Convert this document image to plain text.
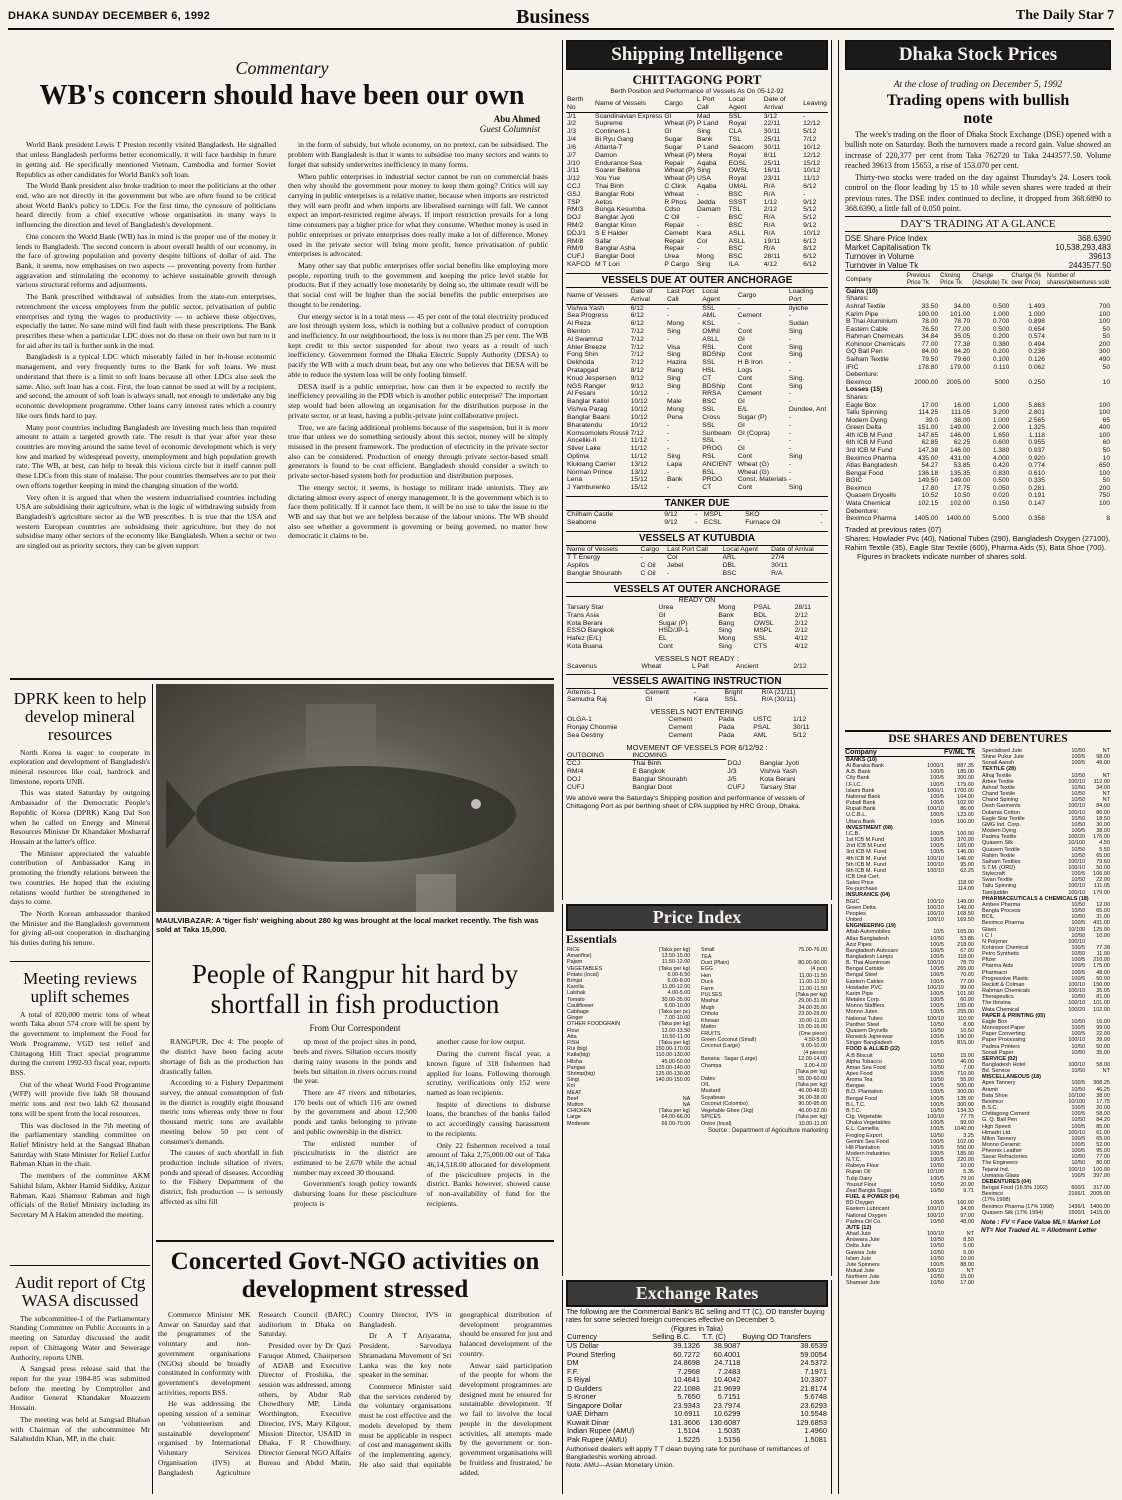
DHAKA SUNDAY DECEMBER 6, 1992	Business	The Daily Star 7
Commentary
WB's concern should have been our own
Abu Ahmed
Guest Columnist

World Bank president Lewis T Preston recently visited Bangladesh. He signalled that unless Bangladesh performs better economically, it will face hardship in future in getting aid. He specifically mentioned Vietnam, Cambodia and former Soviet Republics as other candidates for World Bank's soft loan.

The World Bank president also broke tradition to meet the politicians at the other end, who are not directly in the government but who are often found to be critical about World Bank's policy to LDCs. For the first time, the cynosure of politicians heard directly from a chief executive whose organisation in many ways is influencing the direction and level of Bangladesh's development.

One concern the World Bank (WB) has in mind is the proper use of the money it lends to Bangladesh. The second concern is about overall health of our economy, in the face of growing population and poverty despite billions of dollar of aid. The Bank, it seems, now emphasises on two aspects — preventing poverty from further aggravation and stimulating the economy to achieve sustainable growth through various structural reforms and adjustments.

The Bank prescribed withdrawal of subsidies from the state-run enterprises, retrenchment the excess employees from the public sector, privatisation of public enterprises and tying the wages to productivity — to achieve these objectives, especially the latter. No sane mind will find fault with these prescriptions. The Bank prescribes these when a particular LDC does not do these on their own but turn to it for aid after its tail is further sunk in the mud.

Bangladesh is a typical LDC which miserably failed in her in-house economic management, and very frequently turns to the Bank for soft loans. We must understand that there is a limit to soft loans because all other LDCs also seek the same. Also, soft loan has a cost. First, the loan cannot be used at will by a recipient, and second, the amount of soft loan is always small, not enough to undertake any big economic development programme. Other loans carry interest rates which a country like ours finds hard to pay.

Many poor countries including Bangladesh are investing much less than required amount to attain a targeted growth rate. The result is that year after year these countries are moving around the same level of economic development which is very low and marked by widespread poverty, unemployment and high population growth rate. The WB, at best, can help to break this vicious circle but it itself cannot pull these LDCs from this state of malaise. The poor countries themselves are to put their own efforts together keeping in mind the changing situation of the world.

Very often it is argued that when the western industrialised countries including USA are subsidising their agriculture, what is the logic of withdrawing subsidy from Bangladesh's agriculture sector as the WB prescribes. It is true that the USA and western European countries are subsidising their agriculture, but they do not subsidise many other sectors of the economy like Bangladesh. When a sector or two are singled out as priority sectors, they can be given support

in the form of subsidy, but whole economy, on no pretext, can be subsidised. The problem with Bangladesh is that it wants to subsidise too many sectors and wants to forget that subsidy underwrites inefficiency in many forms.

When public enterprises in industrial sector cannot be run on commercial basis then why should the government pour money to keep them going? Critics will say carrying in public enterprises is a relative matter, because when imports are restricted they will earn profit and when imports are liberalised earnings will fall. We cannot expect an import-restricted regime always. If import restriction prevails for a long time consumers pay a higher price for what they consume. Whether money is used in public enterprises or private enterprises does really make a lot of difference. Money used in the private sector will bring more profit, hence privatisation of public enterprises is advocated.

Many other say that public enterprises offer social benefits like employing more people, reporting truth to the government and keeping the price level stable for products. But if they actually lose monetarily by doing so, the ultimate result will be that social cost will be higher than the social benefits the public enterprises are thought to be rendering.

Our energy sector is in a total mess — 45 per cent of the total electricity produced are lost through system loss, which is nothing but a collusive product of corruption and inefficiency. In our neighbourhood, the loss is no more than 25 per cent. The WB kept credit to this sector suspended for about two years as a result of such inefficiency. Government formed the Dhaka Electric Supply Authority (DESA) to pacify the WB with a much drum beat, but any one who believes that DESA will be able to reduce the system loss will be only fooling himself.

DESA itself is a public enterprise, how can then it be expected to rectify the inefficiency prevailing in the PDB which is another public enterprise? The important step would had been allowing an organisation for the distribution purpose in the private sector, or at least, having a public-private joint collaborative project.

True, we are facing additional problems because of the suspension, but it is more true that unless we do something seriously about this sector, money will be simply misused in the present framework. The production of electricity in the private sector also can be considered. Production of energy through private sector-based small generators is found to be cost efficient. Bangladesh should consider a switch to private sector-based system both for production and distribution purposes.

The energy sector, it seems, is hostage to militant trade unionists. They are dictating almost every aspect of energy management. It is the government which is to face them politically. If it cannot face them, it will be no use to take the issue to the WB and say that but we are helpless because of the labour unions. The WB should also see whether a government is governing or being governed, no matter how democratic it claims to be.

DPRK keen to help develop mineral resources

North Korea is eager to cooperate in exploration and development of Bangladesh's mineral resources like coal, hardrock and limestone, reports UNB.

This was stated Saturday by outgoing Ambassador of the Democratic People's Republic of Korea (DPRK) Kang Dal Son when he called on Energy and Mineral Resources Minister Dr Khandaker Mosharraf Hossain at the latter's office.

The Minister appreciated the valuable contribution of Ambassador Kang in promoting the friendly relations between the two countries. He hoped that the existing relations would further be strengthened in days to come.

The North Korean ambassador thanked the Minister and the Bangladesh government for giving all-out cooperation in discharging his duties during his tenure.

Meeting reviews uplift schemes

A total of 820,000 metric tons of wheat worth Taka about 574 crore will be spent by the government to implement the Food for Work Programme, VGD test relief and Chittagong Hill Tract special programme during the current 1992-93 fiscal year, reports BSS.

Out of the wheat World Food Programme (WFP) will provide five lakh 58 thousand metric tons and rest two lakh 62 thousand tons will be spent from the local resources.

This was disclosed in the 7th meeting of the parliamentary standing committee on Relief Ministry held at the Sangsad Bhaban Saturday with State Minister for Relief Lutfor Rahman Khan in the chair.

The members of the committee AKM Sahidul Islam, Akhter Hamid Siddiky, Azizur Rahman, Kazi Shamsur Rahman and high officials of the Relief Ministry including its Secretary M A Hakim attended the meeting.

Audit report of Ctg WASA discussed

The subcommittee-1 of the Parliamentary Standing Committee on Public Accounts in a meeting on Saturday discussed the audit report of Chittagong Water and Sewerage Authority, reports UNB.

A Sangsad press release said that the report for the year 1984-85 was submitted before the meeting by Comptroller and Auditor General Khandaker Moazzem Hossain.

The meeting was held at Sangsad Bhaban with Chairman of the subcommittee Mr Salahuddin Khan, MP, in the chair.

MAULVIBAZAR: A 'tiger fish' weighing about 280 kg was brought at the local market recently. The fish was sold at Taka 15,000.
People of Rangpur hit hard by shortfall in fish production
From Our Correspondent

RANGPUR, Dec 4: The people of the district have been facing acute shortage of fish as the production has drastically fallen.

According to a Fishery Department survey, the annual consumption of fish in the district is roughly eight thousand metric tons whereas only three to four thousand metric tons are available meeting below 50 per cent of consumer's demands.

The causes of such shortfall in fish production include siltation of rivers, ponds and spread of diseases. According to the Fishery Department of the district, fish production — is seriously affected as silts fill

up most of the project sites in pond, beels and rivers. Siltation occurs mostly during rainy seasons in the ponds and beels but siltation in rivers occurs round the year.

There are 47 rivers and tributaries, 170 beels out of which 116 are owned by the government and about 12,500 ponds and tanks belonging to private and public ownership in the district.

The enlisted number of pisciculturists in the district are estimated to be 2,670 while the actual number may exceed 30 thousand.

Government's tough policy towards disbursing loans for these pisciculture projects is

another cause for low output.

During the current fiscal year, a known figure of 318 fishermen had applied for loans. Following thorough scrutiny, verifications only 152 were named as loan recipients.

Inspite of directions to disburse loans, the branches of the banks failed to act accordingly causing harassment to the recipients.

Only 22 fishermen received a total amount of Taka 2,75,000.00 out of Taka 46,14,518.00 allocated for development of the pisciculture projects in the district. Banks however, showed cause of non-availability of fund for the recipients.

Concerted Govt-NGO activities on development stressed

Commerce Minister MK Anwar on Saturday said that the programmes of the voluntary and non-government organisations (NGOs) should be broadly constituted in conformity with government's development activities, reports BSS.

He was addressing the opening session of a seminar on 'volunteerism and sustainable development' organised by International Voluntary Services Organisation (IVS) at Bangladesh Agriculture Research Council (BARC) auditorium in Dhaka on Saturday.

Presided over by Dr Qazi Faruque Ahmed, Chairperson of ADAB and Executive Director of Proshika, the session was addressed, among others, by Abdur Rab Chowdhury MP, Linda Worthington, Executive Director, IVS, Mary Kilgour, Mission Director, USAID in Dhaka, F R Chowdhury, Director General NGO Affairs Bureau and Abdul Matin, Country Director, IVS in Bangladesh.

Dr A T Ariyaratna, President, Sarvodaya Shramadana Movement of Sri Lanka was the key note speaker in the seminar.

Commerce Minister said that the services rendered by the voluntary organisations must be cost effective and the models developed by them must be applicable in respect of cost and management skills of the implementing agency. He also said that equitable geographical distribution of development programmes should be ensured for just and balanced development of the country.

Anwar said participation of the people for whom the development programmes are designed must be ensured for sustainable development. 'If we fail to involve the local people in the development activities, all attempts made by the government or non-government organisations will be fruitless and frustrated,' he added.

Shipping Intelligence
CHITTAGONG PORT
Berth Position and Performance of Vessels As On 05-12-92
Berth No	Name of Vessels	Cargo	L Port Call	Local Agent	Date of Arrival	Leaving
J/1	Scandinavian Express	GI	Mad	SSL	3/12	-
J/2	Supreme	Wheat (P)	P Land	Royal	22/11	12/12
J/3	Continent-1	GI	Sing	CLA	30/11	5/12
J/4	Bi Ryu Gang	Sugar	Bank	TSL	25/11	7/12
J/6	Atlanta-T	Sugar	P Land	Seacom	30/11	10/12
J/7	Damon	Wheat (P)	Mera	Royal	8/11	12/12
J/10	Endurance Sea	Repair	Aqaba	EOSL	25/11	15/12
J/11	Soarer Bellona	Wheat (P)	Sing	OWSL	16/11	10/12
J/12	You Yue	Wheat (P)	USA	Royal	23/11	11/12
CCJ	Thai Binh	C Clink	Aqaba	UMAL	R/A	6/12
GSJ	Banglar Robi	Wheat	-	BSC	R/A	-
TSP	Aetos	R Phos	Jedda	SSST	1/12	9/12
RM/3	Bunga Kesumba	Cdso	Damam	TSL	2/12	5/12
DOJ	Banglar Jyoti	C Oil	-	BSC	R/A	5/12
RM/2	Banglar Kiron	Repair	-	BSC	R/A	9/12
DDJ/1	S E Halder	Cemebt	Kara	ASLL	R/A	10/12
RM/8	Safar	Repair	Col	ASLL	19/11	6/12
RM/9	Banglar Asha	Repair	-	BSC	R/A	8/12
CUFJ	Banglar Doot	Urea	Mong	BSC	28/11	6/12
KAFCO	M T Lori	P Cargo	Sing	ILA	4/12	6/12
VESSELS DUE AT OUTER ANCHORAGE
Name of Vessels	Date of Arrival	Last Port Call	Local Agent	Cargo	Loading Port
Vishva Yash	6/12	-	SSL	-	Ilyiche
Sea Progress	6/12	-	AML	Cement	-
Al Reza	6/12	Mong	KSL	-	Sudan
Blenton	7/12	Sing	OMNI	Cont	Sing
Al Swamruz	7/12	-	ASLL	GI	-
Ahler Breeze	7/12	Visa	RSL	Cont	Sing
Fong Shin	7/12	Sing	BDShip	Cont	Sing
Dekhoda	7/12	Hazira	SSL	H B Iron	-
Pratapgad	8/12	Rang	HSL	Logs	-
Knud Jespersen	9/12	Sing	CT	Cont	Sing.
NGS Ranger	9/12	Sing	BDShip	Cont	Sing
Al Fesani	10/12	-	RRSA	Cement	-
Banglar Kallol	10/12	Male	BSC	GI	-
Vishva Parag	10/12	Mong	SSL	E/L	Dundee, Ant
Banglar Baani	10/12	Pena	Cross	Sugar (P)	-
Bharatendu	10/12	-	SSL	GI	-
Komsomolets Rossii	7/12	-	Sunbeam	GI (Copra)	-
Anceliki-II	11/12	-	SSL	-	-
Silver Lake	11/12	-	PROG	GI	-
Optima	11/12	Sing	RSL	Cont	Sing
Kiukiang Carrier	13/12	Lapa	ANCIENT	Wheat (G)	-
Norman Prince	13/12	-	BSL	Wheat (G)	-
Lena	15/12	Bank	PROG	Const. Materials	-
J Yamburenko	15/12	-	CT	Cont	Sing
TANKER DUE
Chilham Castle	9/12	-	MSPL	SKO	-
Seaborne	9/12	-	ECSL	Furnace Oil	-
VESSELS AT KUTUBDIA
Name of Vessels	Cargo	Last Port Call	Local Agent	Date of Arrival
T T Energy	-	Col	ARL	27/4
Aspilos	C Oil	Jebel	DBL	30/11
Banglar Shourabh	C Oil	-	BSC	R/A
VESSELS AT OUTER ANCHORAGE
READY ON
Tarsary Star	Urea	Mong	PSAL	28/11
Trans Asia	GI	Bank	BDL	2/12
Kota Berani	Sugar (P)	Bang	OWSL	2/12
ESSO Bangkok	HSD/JP-1	Sing	MSPL	2/12
Hafez (E/L)	EL	Mong	SSL	4/12
Kota Buana	Cont	Sing	CTS	4/12
VESSELS NOT READY :
Scavenus	Wheat	L Pall	Ancient	2/12
VESSELS AWAITING INSTRUCTION
Artemis-1	Cement	-	Bright	R/A (21/11)
Samudra Raj	GI	Kara	SSL	R/A (30/11)
VESSELS NOT ENTERING
OLGA-1	Cement	Pada	USTC	1/12
Ronjay Choomie	Cement	Pada	PSAL	30/11
Sea Destiny	Cement	Pada	AML	5/12
MOVEMENT OF VESSELS FOR 6/12/92 :
OUTGOING	INCOMING		
CCJ	Thai Binh	DOJ	Banglar Jyoti
RM/4	E Bangkok	J/3	Vishva Yash
DOJ	Banglar Shourabh	J/5	Kota Berani
CUFJ	Banglar Doot	CUFJ	Tarsary Star
We above were the Saturday's Shipping position and performance of vessels of Chittagong Port as per berthing sheet of CPA supplied by HRC Group, Dhaka.
Price Index
Essentials
RICE	(Taka per kg)	
Amanflne)	13.50-15.00	
Pajam	11.50-12.00	
VEGETABLES	(Taka per kg)	
Potato (local)	6.00-6.50	
Brinjal	6.00-8.00	
Karolla	11.00-12.00	
Lalshak	4.00-5.00	
Tomato	30.00-35.00	
Cauliflower	6.00-10.00	
Cabbage	(Taka per pc)	
Ginger	7.00-10.00	
OTHER FOODGRAIN	(Taka per kg)	
Flour	13.00-13.50	
Atta	10.50-11.00	
FISH	(Taka per kg)	
Rui (big)	150.00-170.00	
Katla(big)	110.00-130.00	
Hilsha	45.00-50.00	
Pangas	125.00-140.00	
Shrimp(big)	125.00-130.00	
Singi	140.00-150.00	
Koi		
MEAT		
Beef	NA	
Mutton	NA	
CHICKEN	(Taka per kg)	
Large	64.00-66.00	
Moderate	66.00-70.00	
Small	75.00-76.00
TEA	
Dust (Plain)	80.00-90.00
EGG	(4 pcs)
Hen	11.00-11.50
Duck	11.00-11.50
Farm	11.00-11.50
PULSES	(Taka per kg)
Mashur	29.00-31.00
Mugh	34.00-35.00
Chhola	23.00-26.00
Khesari	10.00-11.00
Mattor	15.00-16.00
FRUITS	(One piece)
Green Coconut (Small)	4.50-5.00
Coconut (Large)	9.00-10.00
	(4 pieces)
Banana : Sagar (Large)	12.00-14.00
Champa	3.00-4.00
	(Taka per kg)
Dates	55.00-60.00
OIL	(Taka per kg)
Mustard	46.00-48.00
Soyabean	36.00-38.00
Coconut (Colombo)	90.00-95.00
Vegetable Ghee (1kg)	46.00-52.00
SPICES	(Taka per kg)
Onion (local)	10.00-11.00
Source : Department of Agriculture marketing
Exchange Rates
The following are the Commercial Bank's BC selling and TT (C), OD transfer buying rates for some selected foreign currencies effective on December 5.
(Figures in Taka)
Currency	Selling B.C.	T.T. (C)	Buying OD Transfers
US Dollar	39.1326	38.9087	38.6539
Pound Sterling	60.7272	60.4001	59.0054
DM	24.8698	24.7118	24.5372
F.F.	7.2968	7.2483	7.1971
S Riyal	10.4641	10.4042	10.3307
D Guilders	22.1088	21.9699	21.8174
S Kroner	5.7650	5.7151	5.6748
Singapore Dollar	23.9343	23.7974	23.6293
UAE Dirham	10.6911	10.6299	10.5548
Kuwait Dinar	131.3606	130.6087	129.6853
Indian Rupee (AMU)	1.5104	1.5035	1.4960
Pak Rupee (AMU)	1.5225	1.5156	1.5081
Authorised dealers will apply T T clean buying rate for purchase of remittances of Bangladeshis working abroad.
Note: AMU—Asian Monetary Union.
Dhaka Stock Prices
At the close of trading on December 5, 1992
Trading opens with bullish note

The week's trading on the floor of Dhaka Stock Exchange (DSE) opened with a bullish note on Saturday. Both the turnovers made a record gain. Value showed an increase of 220,377 per cent from Taka 762720 to Taka 2443577.50. Volume reached 39613 from 15653, a rise of 153.070 per cent.

Thirty-two stocks were traded on the day against Thursday's 24. Losers took control on the floor leading by 15 to 10 while seven shares were traded at their previous rates. The DSE index continued to decline, it dropped from 368.6890 to 368.6390, a little fall of 0.050 point.

DAY'S TRADING AT A GLANCE
DSE Share Price Index	368.6390
Market Capitalisation Tk	10,538,293,483
Turnover in Volume	39613
Turnover in Value Tk	2443577.50
Company	Previous Price Tk	Closing Price Tk	Change (Absolute) Tk	Change (% over Price)	Number of shares/debentures sold
Gains (10)					
Shares:					
Ashraf Textile	33.50	34.00	0.500	1.493	700
Karim Pipe	100.00	101.00	1.000	1.000	100
B Thai Aluminium	78.00	78.70	0.700	0.898	100
Eastern Cable	76.50	77.00	0.500	0.654	50
Rahman Chemicals	34.84	35.05	0.200	0.574	50
Kohinoor Chemicals	77.00	77.38	0.380	0.494	200
GQ Ball Pen	84.00	84.20	0.200	0.238	300
Saiham Textile	79.50	79.60	0.100	0.126	490
IFIC	178.80	179.00	0.110	0.062	50
Debenture:					
Beximco	2000.00	2005.00	5000	0.250	10
Losses (15)					
Shares:					
Eagle Box	17.00	16.00	1.000	5.863	100
Tallu Spinning	114.25	111.05	3.200	2.801	100
Modern Dying	39.0	38.00	1.000	2.565	65
Green Delta	151.00	149.00	2.000	1.325	400
4th ICB M Fund	147.65	146.00	1.650	1.118	100
6th ICB M Fund	62.85	62.25	0.600	0.955	60
3rd ICB M Fund	147.38	146.00	1.380	0.937	50
Beximco Pharma	435.00	431.00	4.000	0.920	10
Atlas Bangladesh	54.27	53.85	0.420	0.774	650
Bengal Food	136.18	135.35	0.830	0.610	100
BGIC	149.50	149.00	0.500	0.335	50
Beximco	17.80	17.75	0.050	0.281	200
Quasem Drycells	10.52	10.50	0.020	0.191	750
Wata Chemical	102.15	102.00	0.150	0.147	100
Debenture:					
Beximco Pharma	1405.00	1400.00	5.000	0.356	8
Traded at previous rates (07)
Shares: Howlader Pvc (40), National Tubes (290), Bangladesh Oxygen (27100), Rahim Textile (35), Eagle Star Textile (600), Pharma Aids (5), Bata Shoe (700).
Figures in brackets indicate number of shares sold.
DSE SHARES AND DEBENTURES
Company	FV/ML Tk
BANKS (10)		
Al Baraka Bank	1000/1	887.35
A.B. Bank	100/5	185.00
City Bank	100/5	300.00
I.F.I.C.	100/5	179.00
Islami Bank	1000/1	1700.00
National Bank	100/5	104.00
Pubali Bank	100/5	102.00
Rupali Bank	100/10	86.00
U.C.B.L.	100/5	123.00
Uttara Bank	100/5	100.00
INVESTMENT (08)		
I.C.B.	100/5	100.00
1st ICB M.Fund	100/5	370.00
2nd ICB M.Fund	100/5	165.00
3rd ICB M. Fund	100/5	146.00
4th ICB M. Fund	100/10	146.00
5th ICB M. Fund	100/10	95.00
6th ICB M. Fund	100/10	62.25
ICB Unit Cert.		
Sales Price		118.00
Re-purchase		114.00
INSURANCE (04)		
BGIC	100/10	149.00
Green Delta	100/10	149.00
Peoples	100/10	168.50
United	100/10	169.50
ENGINEERING (19)		
Aftab Automobiles	10/5	165.00
Atlas Bangladesh	10/50	53.85
Aziz Pipes	100/5	218.00
Bangladesh Autocars	100/5	67.00
Bangladesh Lamps	100/5	118.00
B. Thai Aluminium	100/10	78.70
Bengal Carbide	100/5	265.00
Bengal Steel	100/5	70.00
Eastern Cables	100/5	77.00
Howlader PVC	100/10	99.00
Karim Pipe	100/5	101.00
Metalex Corp.	100/5	60.00
Monno Stafflers	100/5	155.00
Monno Jutex	100/5	255.00
National Tubes	100/10	110.00
Panther Steel	10/50	8.00
Quasem Drycells	10/50	10.50
Renwick Jajneswar	100/5	190.00
Singer Bangladesh	100/5	815.00
FOOD & ALLIED (22)		
A.B Biscuit	10/50	15.00
Alpha Tobacco	10/50	46.00
Aman Sea Food	10/50	7.00
Apex Food	100/5	710.00
Aroma Tea	10/50	55.00
Bangas	100/5	500.00
B.D. Plantation	100/5	300.00
Bengal Food	100/5	135.00
B.L.T.C.	100/5	300.00
B.T.C.	10/50	134.33
Ctg. Vegetable	100/10	77.75
Dhaka Vegetables	100/5	99.00
E.L. Camellia	100/5	1040.00
Froglog Export	10/50	3.25
Gemini Sea Food	100/5	102.00
Hill Plantation	100/5	550.00
Modern Industries	100/5	185.00
N.T.C.	100/5	220.00
Rabeya Flour	10/50	10.00
Rupan Oil	10/100	5.35
Tulip Dairy	100/5	79.00
Yousuf Flour	10/50	20.00
Zeal Bangla Sugar	10/50	9.71
FUEL & POWER (04)		
BD Oxygen	100/5	160.00
Eastern Lubricant	100/10	34.00
National Oxygen	100/10	97.00
Padma Oil Co.	10/50	48.00
JUTE (12)		
Ahad Jute	100/10	NT
Anowara Jute	10/50	8.50
Delta Jute	10/50	5.00
Gawsia Jute	10/50	5.00
Islam Jute	10/50	10.00
Jute Spinners	100/5	88.00
Mutual Jute	100/10	NT
Northern Jute	10/50	15.00
Shamser Jute	10/50	17.00
Specialised Jute	10/50	NT
Shine Pukur Jute	100/5	98.00
Sonali Aansh	100/5	49.00
TEXTILE (28)		
Alhaj Textile	10/50	NT
Arbee Textile	100/10	112.00
Ashraf Textile	10/50	34.00
Chand Textile	10/50	NT
Chand Spining	10/50	NT
Desh Garments	100/10	84.00
Dulamia Cotton	100/10	86.00
Eagle Star Textile	10/50	18.50
GMG Ind. Corp.	10/50	30.00
Modern Dying	100/5	38.00
Padma Textile	100/20	176.00
Quasem Silk	10/100	4.50
Quasem Textile	10/50	5.50
Rahim Textile	10/50	65.00
Saiham Textiles	100/10	79.60
S.T.M. (ORD)	100/10	50.00
Stylecraft	100/5	106.00
Swan Textile	10/50	22.00
Tallu Spinning	100/10	111.05
Tamijuddin	100/10	179.00
PHARMACEUTICALS & CHEMICALS (18)		
Ambee Pharma	10/50	12.00
Bangla Process	10/50	65.00
BCIL	10/50	31.00
Beximco Pharma	100/5	431.00
Glaxo	10/100	125.00
I C I	10/50	10.00
N Polymer	100/10	
Kohinoor Chemical	100/5	77.38
Petro Synthetic	10/50	11.00
Pfizer	100/5	210.00
Pharma Aids	100/5	175.00
Pharmaco	100/5	48.00
Progressive Plastic	100/5	50.00
Reckitt & Colman	100/10	150.00
Rahman Chemicals	100/10	35.05
Therapeutics	10/50	81.00
The Ibnsina	100/10	101.00
Wata Chemical	100/20	102.00
PAPER & PRINTING (05)		
Eagle Box	10/50	16.00
Monospool Paper	100/5	99.00
Paper Converting	100/5	22.00
Paper Processing	100/10	39.00
Padma Printers	10/50	50.00
Sonali Paper	10/50	35.00
SERVICE (02)		
Bangladesh Hotel	100/10	58.00
Bd. Service	10/50	NT
MISCELLANEOUS (18)		
Apex Tannery	100/5	308.25
Aramit	10/50	46.25
Bata Shoe	10/100	38.00
Beximco	10/100	17.75
B.S.C.	100/5	20.00
Chittagong Cement	100/5	58.00
G. Q. Ball Pen	10/50	84.20
High Speed	100/5	85.00
Himadri Ltd.	100/10	61.00
Milon Tannery	100/5	65.00
Monno Ceramic	100/5	52.00
Pheonix Leather	100/5	95.00
Savar Refractories	10/50	77.00
The Engineers	10/50	80.00
Tejarat Ind.	100/10	100.00
Usmania Glass	100/5	397.00
DEBENTURES (04)		
Bengal Food (16.5% 1992)	600/1	317.00
Beximco	2166/1	2005.00
(17% 1998)		
Beximco Pharma (17% 1998)	1436/1	1400.00
Quasem Silk (17% 1994)	1500/1	1415.00
Note : FV = Face Value ML= Market Lot NT= Not Traded AL = Allotment Letter
